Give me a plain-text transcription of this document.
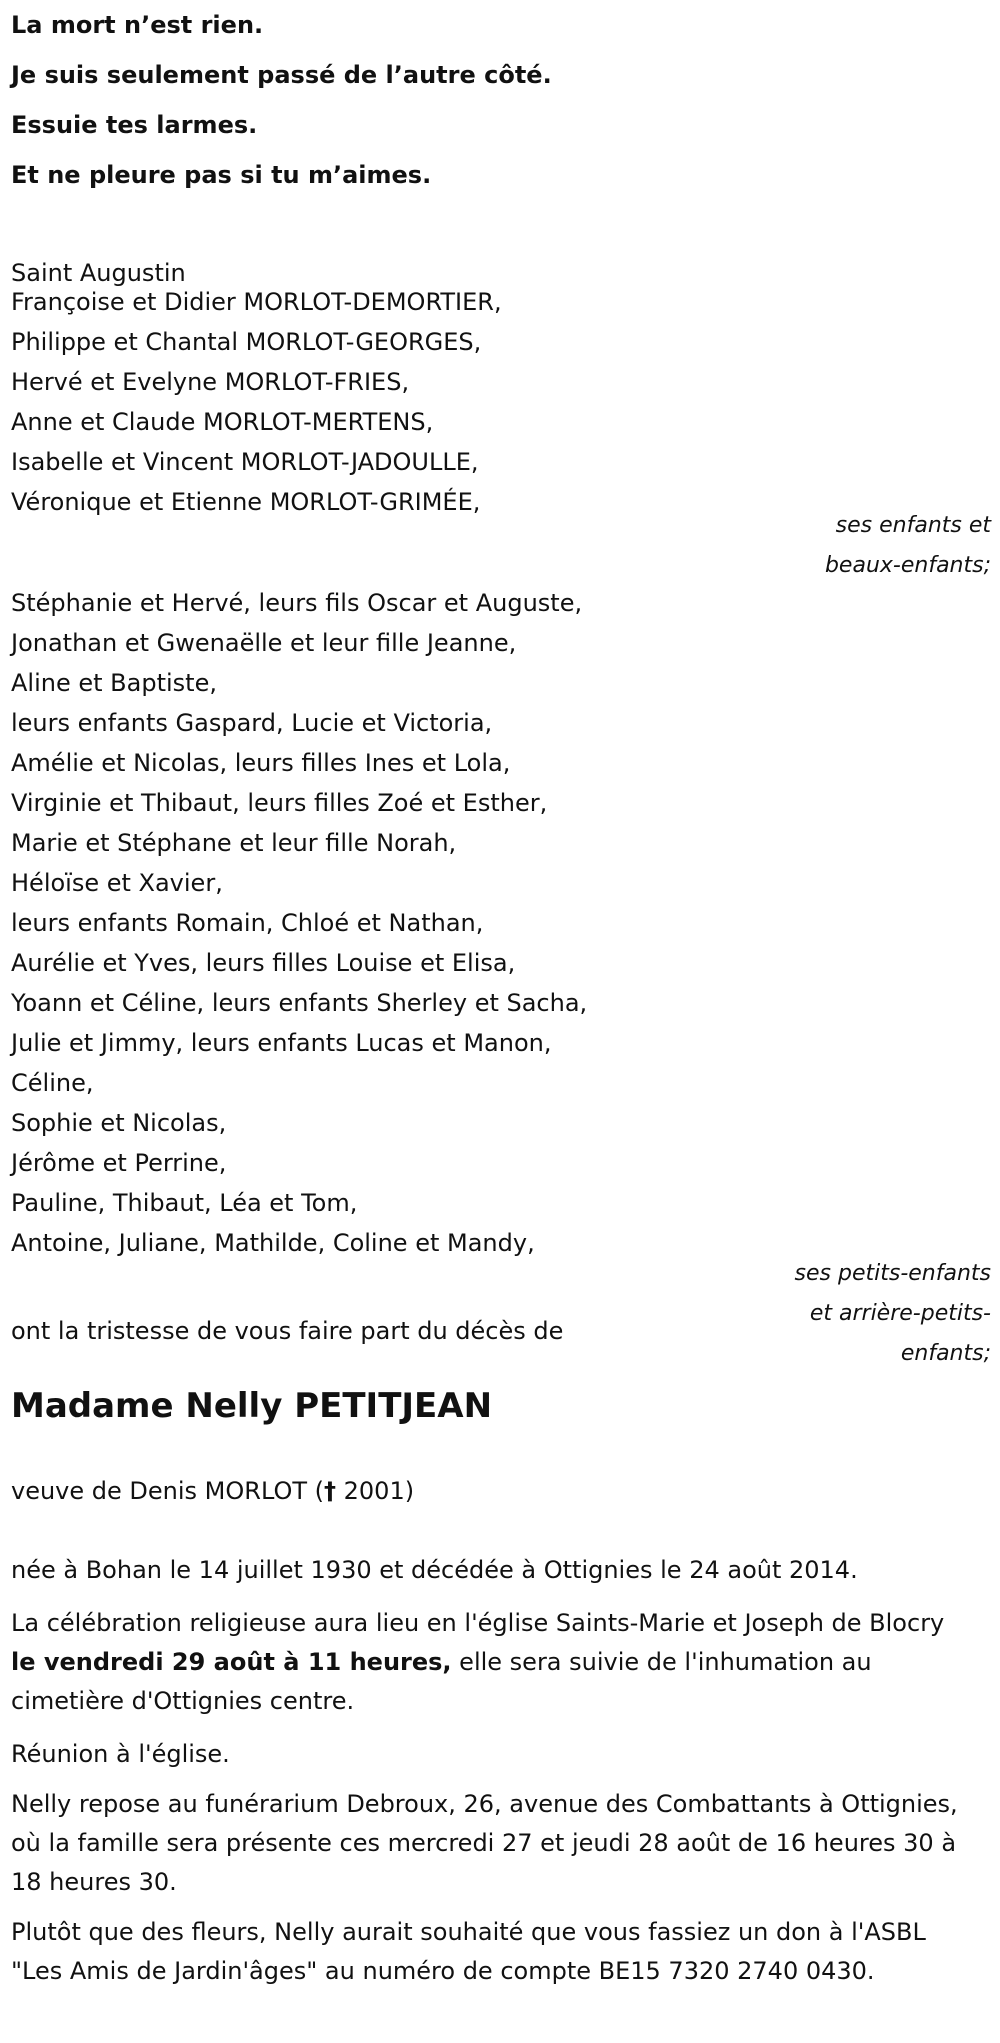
La mort n’est rien.
Je suis seulement passé de l’autre côté.
Essuie tes larmes.
Et ne pleure pas si tu m’aimes.
Saint Augustin
Françoise et Didier MORLOT-DEMORTIER,
Philippe et Chantal MORLOT-GEORGES,
Hervé et Evelyne MORLOT-FRIES,
Anne et Claude MORLOT-MERTENS,
Isabelle et Vincent MORLOT-JADOULLE,
Véronique et Etienne MORLOT-GRIMÉE,
ses enfants et
beaux-enfants;
Stéphanie et Hervé, leurs fils Oscar et Auguste,
Jonathan et Gwenaëlle et leur fille Jeanne,
Aline et Baptiste,
leurs enfants Gaspard, Lucie et Victoria,
Amélie et Nicolas, leurs filles Ines et Lola,
Virginie et Thibaut, leurs filles Zoé et Esther,
Marie et Stéphane et leur fille Norah,
Héloïse et Xavier,
leurs enfants Romain, Chloé et Nathan,
Aurélie et Yves, leurs filles Louise et Elisa,
Yoann et Céline, leurs enfants Sherley et Sacha,
Julie et Jimmy, leurs enfants Lucas et Manon,
Céline,
Sophie et Nicolas,
Jérôme et Perrine,
Pauline, Thibaut, Léa et Tom,
Antoine, Juliane, Mathilde, Coline et Mandy,
ses petits-enfants
et arrière-petits-
enfants;
ont la tristesse de vous faire part du décès de
Madame Nelly PETITJEAN
veuve de Denis MORLOT († 2001)
née à Bohan le 14 juillet 1930 et décédée à Ottignies le 24 août 2014.
La célébration religieuse aura lieu en l'église Saints-Marie et Joseph de Blocry le vendredi 29 août à 11 heures, elle sera suivie de l'inhumation au cimetière d'Ottignies centre.
Réunion à l'église.
Nelly repose au funérarium Debroux, 26, avenue des Combattants à Ottignies, où la famille sera présente ces mercredi 27 et jeudi 28 août de 16 heures 30 à 18 heures 30.
Plutôt que des fleurs, Nelly aurait souhaité que vous fassiez un don à l'ASBL "Les Amis de Jardin'âges" au numéro de compte BE15 7320 2740 0430.
